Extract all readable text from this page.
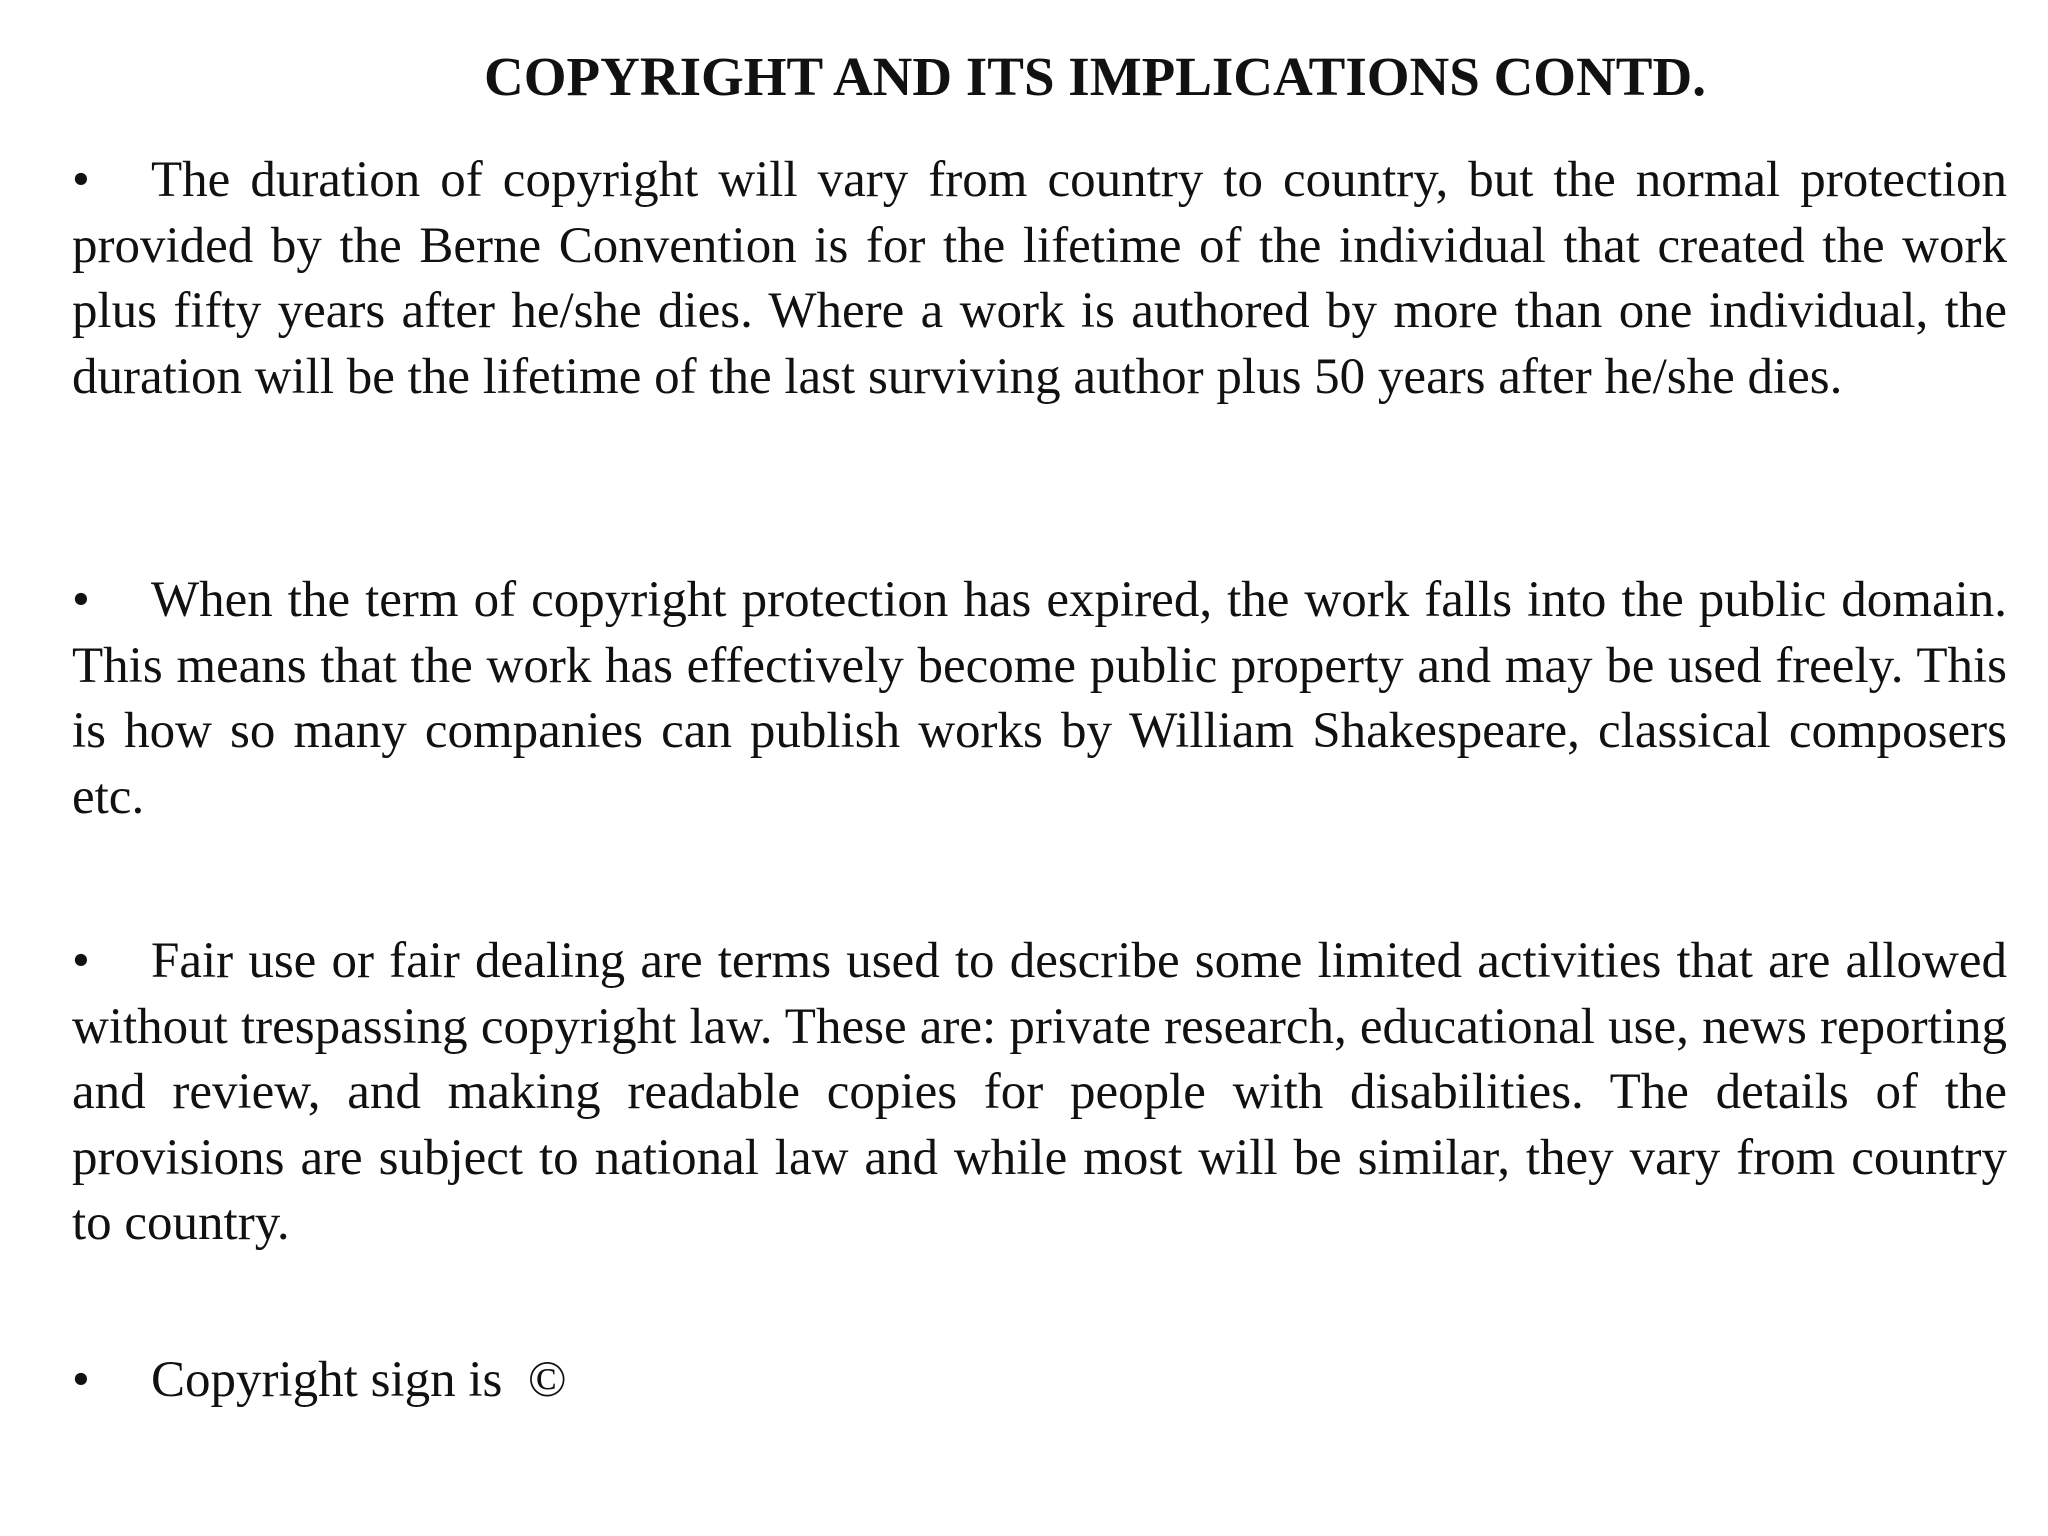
COPYRIGHT AND ITS IMPLICATIONS CONTD.
• The duration of copyright will vary from country to country, but the normal protection provided by the Berne Convention is for the lifetime of the individual that created the work plus fifty years after he/she dies. Where a work is authored by more than one individual, the duration will be the lifetime of the last surviving author plus 50 years after he/she dies.
• When the term of copyright protection has expired, the work falls into the public domain. This means that the work has effectively become public property and may be used freely. This is how so many companies can publish works by William Shakespeare, classical composers etc.
• Fair use or fair dealing are terms used to describe some limited activities that are allowed without trespassing copyright law. These are: private research, educational use, news reporting and review, and making readable copies for people with disabilities. The details of the provisions are subject to national law and while most will be similar, they vary from country to country.
• Copyright sign is  ©
